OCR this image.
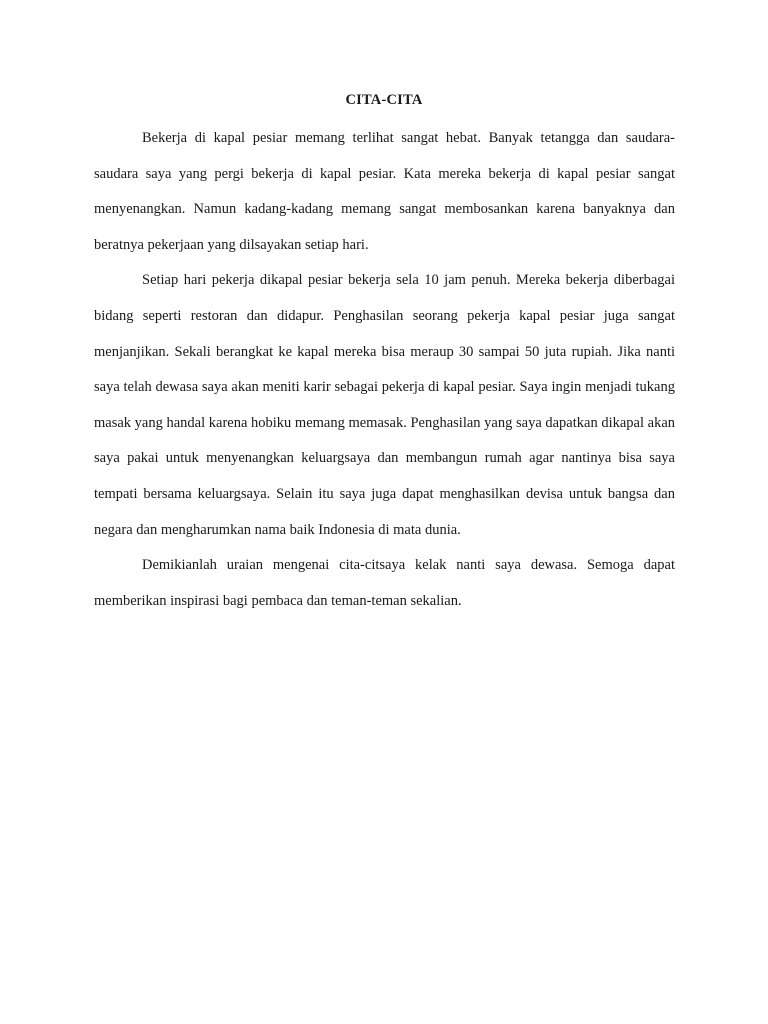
CITA-CITA

Bekerja di kapal pesiar memang terlihat sangat hebat. Banyak tetangga dan saudara-saudara saya yang pergi bekerja di kapal pesiar. Kata mereka bekerja di kapal pesiar sangat menyenangkan. Namun kadang-kadang memang sangat membosankan karena banyaknya dan beratnya pekerjaan yang dilsayakan setiap hari.

Setiap hari pekerja dikapal pesiar bekerja sela 10 jam penuh. Mereka bekerja diberbagai bidang seperti restoran dan didapur. Penghasilan seorang pekerja kapal pesiar juga sangat menjanjikan. Sekali berangkat ke kapal mereka bisa meraup 30 sampai 50 juta rupiah. Jika nanti saya telah dewasa saya akan meniti karir sebagai pekerja di kapal pesiar. Saya ingin menjadi tukang masak yang handal karena hobiku memang memasak. Penghasilan yang saya dapatkan dikapal akan saya pakai untuk menyenangkan keluargsaya dan membangun rumah agar nantinya bisa saya tempati bersama keluargsaya. Selain itu saya juga dapat menghasilkan devisa untuk bangsa dan negara dan mengharumkan nama baik Indonesia di mata dunia.

Demikianlah uraian mengenai cita-citsaya kelak nanti saya dewasa. Semoga dapat memberikan inspirasi bagi pembaca dan teman-teman sekalian.
